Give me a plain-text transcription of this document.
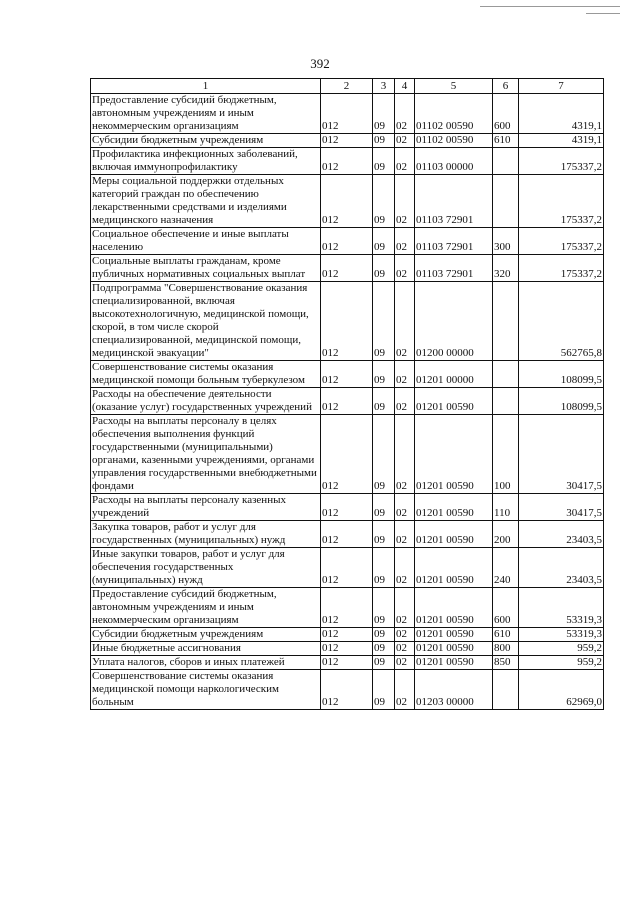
392
1	2	3	4	5	6	7
Предоставление субсидий бюджетным, автономным учреждениям и иным некоммерческим организациям	012	09	02	01102 00590	600	4319,1
Субсидии бюджетным учреждениям	012	09	02	01102 00590	610	4319,1
Профилактика инфекционных заболеваний, включая иммунопрофилактику	012	09	02	01103 00000		175337,2
Меры социальной поддержки отдельных категорий граждан по обеспечению лекарственными средствами и изделиями медицинского назначения	012	09	02	01103 72901		175337,2
Социальное обеспечение и иные выплаты населению	012	09	02	01103 72901	300	175337,2
Социальные выплаты гражданам, кроме публичных нормативных социальных выплат	012	09	02	01103 72901	320	175337,2
Подпрограмма "Совершенствование оказания специализированной, включая высокотехнологичную, медицинской помощи, скорой, в том числе скорой специализированной, медицинской помощи, медицинской эвакуации"	012	09	02	01200 00000		562765,8
Совершенствование системы оказания медицинской помощи больным туберкулезом	012	09	02	01201 00000		108099,5
Расходы на обеспечение деятельности (оказание услуг) государственных учреждений	012	09	02	01201 00590		108099,5
Расходы на выплаты персоналу в целях обеспечения выполнения функций государственными (муниципальными) органами, казенными учреждениями, органами управления государственными внебюджетными фондами	012	09	02	01201 00590	100	30417,5
Расходы на выплаты персоналу казенных учреждений	012	09	02	01201 00590	110	30417,5
Закупка товаров, работ и услуг для государственных (муниципальных) нужд	012	09	02	01201 00590	200	23403,5
Иные закупки товаров, работ и услуг для обеспечения государственных (муниципальных) нужд	012	09	02	01201 00590	240	23403,5
Предоставление субсидий бюджетным, автономным учреждениям и иным некоммерческим организациям	012	09	02	01201 00590	600	53319,3
Субсидии бюджетным учреждениям	012	09	02	01201 00590	610	53319,3
Иные бюджетные ассигнования	012	09	02	01201 00590	800	959,2
Уплата налогов, сборов и иных платежей	012	09	02	01201 00590	850	959,2
Совершенствование системы оказания медицинской помощи наркологическим больным	012	09	02	01203 00000		62969,0
